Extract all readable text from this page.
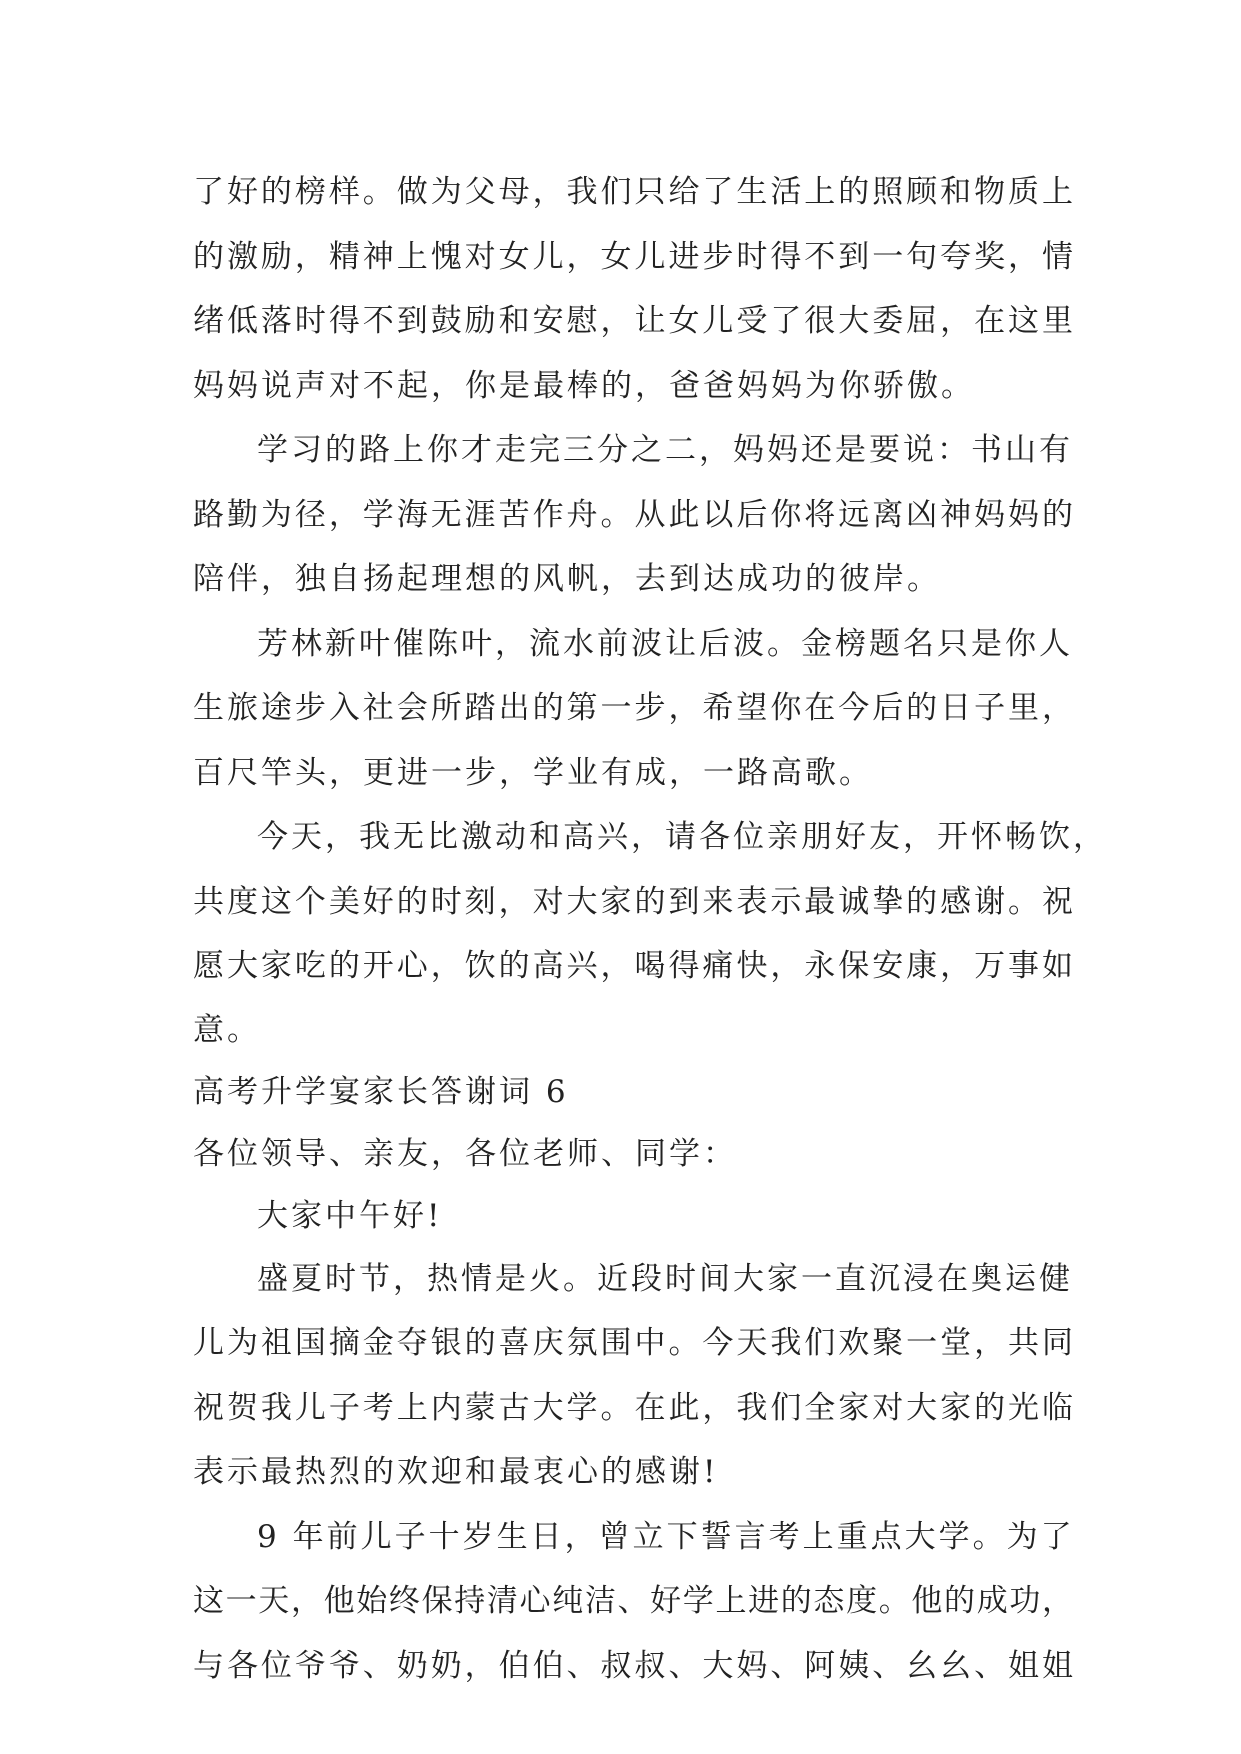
了好的榜样。做为父母，我们只给了生活上的照顾和物质上
的激励，精神上愧对女儿，女儿进步时得不到一句夸奖，情
绪低落时得不到鼓励和安慰，让女儿受了很大委屈，在这里
妈妈说声对不起，你是最棒的，爸爸妈妈为你骄傲。
学习的路上你才走完三分之二，妈妈还是要说：书山有
路勤为径，学海无涯苦作舟。从此以后你将远离凶神妈妈的
陪伴，独自扬起理想的风帆，去到达成功的彼岸。
芳林新叶催陈叶，流水前波让后波。金榜题名只是你人
生旅途步入社会所踏出的第一步，希望你在今后的日子里，
百尺竿头，更进一步，学业有成，一路高歌。
今天，我无比激动和高兴，请各位亲朋好友，开怀畅饮，
共度这个美好的时刻，对大家的到来表示最诚挚的感谢。祝
愿大家吃的开心，饮的高兴，喝得痛快，永保安康，万事如
意。
高考升学宴家长答谢词 6
各位领导、亲友，各位老师、同学：
大家中午好!
盛夏时节，热情是火。近段时间大家一直沉浸在奥运健
儿为祖国摘金夺银的喜庆氛围中。今天我们欢聚一堂，共同
祝贺我儿子考上内蒙古大学。在此，我们全家对大家的光临
表示最热烈的欢迎和最衷心的感谢!
9 年前儿子十岁生日，曾立下誓言考上重点大学。为了
这一天，他始终保持清心纯洁、好学上进的态度。他的成功，
与各位爷爷、奶奶，伯伯、叔叔、大妈、阿姨、幺幺、姐姐
